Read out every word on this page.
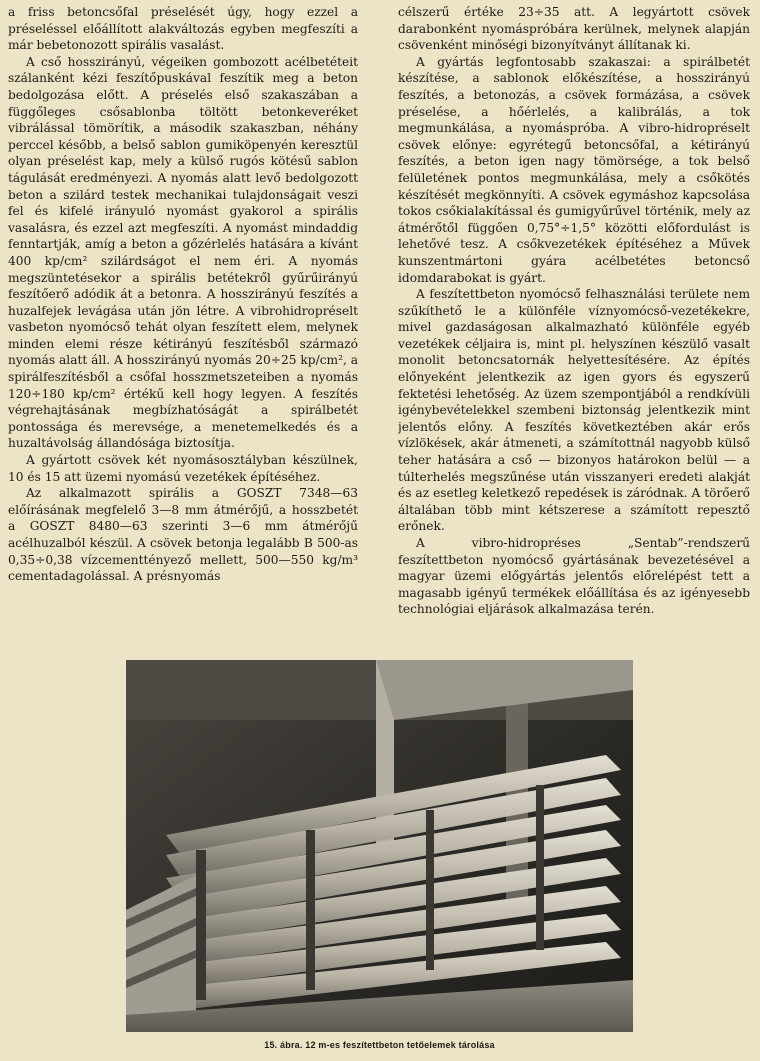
a friss betoncsőfal préselését úgy, hogy ezzel a préseléssel előállított alakváltozás egyben megfeszíti a már bebetonozott spirális vasalást.

A cső hosszirányú, végeiken gombozott acélbetéteit szálanként kézi feszítőpuskával feszítik meg a beton bedolgozása előtt. A préselés első szakaszában a függőleges csősablonba töltött betonkeveréket vibrálással tömörítik, a második szakaszban, néhány perccel később, a belső sablon gumiköpenyén keresztül olyan préselést kap, mely a külső rugós kötésű sablon tágulását eredményezi. A nyomás alatt levő bedolgozott beton a szilárd testek mechanikai tulajdonságait veszi fel és kifelé irányuló nyomást gyakorol a spirális vasalásra, és ezzel azt megfeszíti. A nyomást mindaddig fenntartják, amíg a beton a gőzérlelés hatására a kívánt 400 kp/cm² szilárdságot el nem éri. A nyomás megszüntetésekor a spirális betétekről gyűrűirányú feszítőerő adódik át a betonra. A hosszirányú feszítés a huzalfejek levágása után jön létre. A vibrohidropréselt vasbeton nyomócső tehát olyan feszített elem, melynek minden elemi része kétirányú feszítésből származó nyomás alatt áll. A hosszirányú nyomás 20÷25 kp/cm², a spirálfeszítésből a csőfal hosszmetszeteiben a nyomás 120÷180 kp/cm² értékű kell hogy legyen. A feszítés végrehajtásának megbízhatóságát a spirálbetét pontossága és merevsége, a menetemelkedés és a huzaltávolság állandósága biztosítja.

A gyártott csövek két nyomásosztályban készülnek, 10 és 15 att üzemi nyomású vezetékek építéséhez.

Az alkalmazott spirális a GOSZT 7348—63 előírásának megfelelő 3—8 mm átmérőjű, a hosszbetét a GOSZT 8480—63 szerinti 3—6 mm átmérőjű acélhuzalból készül. A csövek betonja legalább B 500-as 0,35÷0,38 vízcementtényező mellett, 500—550 kg/m³ cementadagolással. A présnyomás

célszerű értéke 23÷35 att. A legyártott csövek darabonként nyomáspróbára kerülnek, melynek alapján csövenként minőségi bizonyítványt állítanak ki.

A gyártás legfontosabb szakaszai: a spirálbetét készítése, a sablonok előkészítése, a hosszirányú feszítés, a betonozás, a csövek formázása, a csövek préselése, a hőérlelés, a kalibrálás, a tok megmunkálása, a nyomáspróba. A vibro-hidropréselt csövek előnye: egyrétegű betoncsőfal, a kétirányú feszítés, a beton igen nagy tömörsége, a tok belső felületének pontos megmunkálása, mely a csőkötés készítését megkönnyíti. A csövek egymáshoz kapcsolása tokos csőkialakítással és gumigyűrűvel történik, mely az átmérőtől függően 0,75°÷1,5° közötti előfordulást is lehetővé tesz. A csőkvezetékek építéséhez a Művek kunszentmártoni gyára acélbetétes betoncső idomdarabokat is gyárt.

A feszítettbeton nyomócső felhasználási területe nem szűkíthető le a különféle víznyomócső-vezetékekre, mivel gazdaságosan alkalmazható különféle egyéb vezetékek céljaira is, mint pl. helyszínen készülő vasalt monolit betoncsatornák helyettesítésére. Az építés előnyeként jelentkezik az igen gyors és egyszerű fektetési lehetőség. Az üzem szempontjából a rendkívüli igénybevételekkel szembeni biztonság jelentkezik mint jelentős előny. A feszítés következtében akár erős vízlökések, akár átmeneti, a számítottnál nagyobb külső teher hatására a cső — bizonyos határokon belül — a túlterhelés megszűnése után visszanyeri eredeti alakját és az esetleg keletkező repedések is záródnak. A törőerő általában több mint kétszerese a számított repesztő erőnek.

A vibro-hidropréses „Sentab”-rendszerű feszítettbeton nyomócső gyártásának bevezetésével a magyar üzemi előgyártás jelentős előrelépést tett a magasabb igényű termékek előállítása és az igényesebb technológiai eljárások alkalmazása terén.

15. ábra. 12 m-es feszítettbeton tetőelemek tárolása
